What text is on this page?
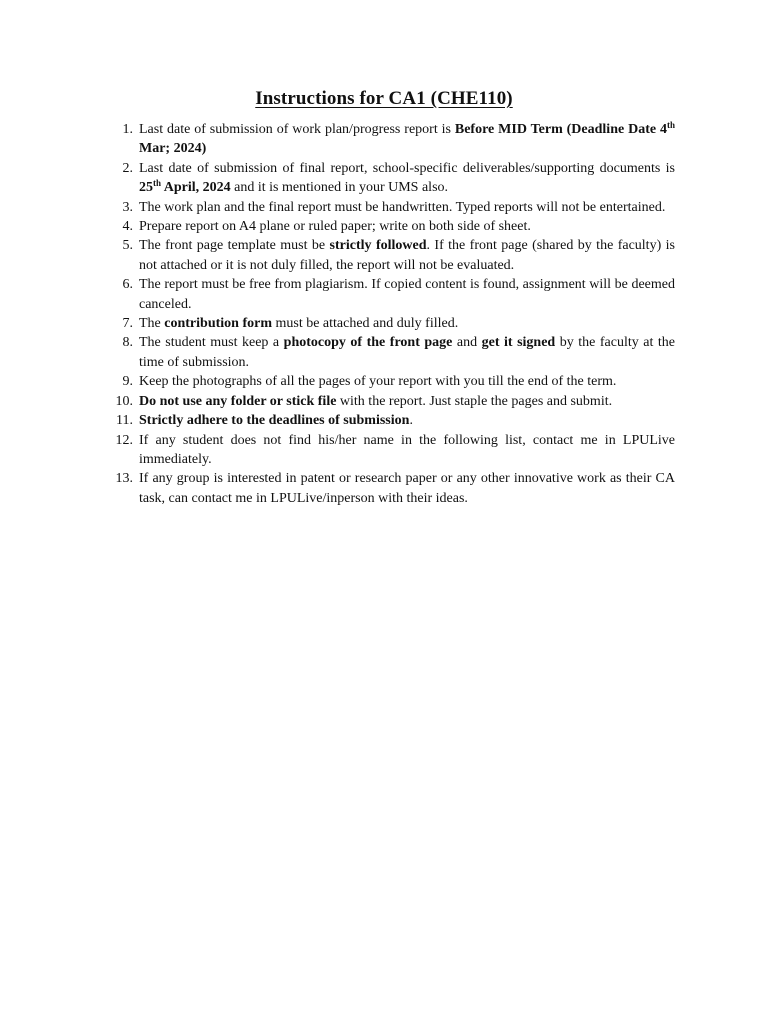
Instructions for CA1 (CHE110)
1. Last date of submission of work plan/progress report is Before MID Term (Deadline Date 4th Mar; 2024)
2. Last date of submission of final report, school-specific deliverables/supporting documents is 25th April, 2024 and it is mentioned in your UMS also.
3. The work plan and the final report must be handwritten. Typed reports will not be entertained.
4. Prepare report on A4 plane or ruled paper; write on both side of sheet.
5. The front page template must be strictly followed. If the front page (shared by the faculty) is not attached or it is not duly filled, the report will not be evaluated.
6. The report must be free from plagiarism. If copied content is found, assignment will be deemed canceled.
7. The contribution form must be attached and duly filled.
8. The student must keep a photocopy of the front page and get it signed by the faculty at the time of submission.
9. Keep the photographs of all the pages of your report with you till the end of the term.
10. Do not use any folder or stick file with the report. Just staple the pages and submit.
11. Strictly adhere to the deadlines of submission.
12. If any student does not find his/her name in the following list, contact me in LPULive immediately.
13. If any group is interested in patent or research paper or any other innovative work as their CA task, can contact me in LPULive/inperson with their ideas.
